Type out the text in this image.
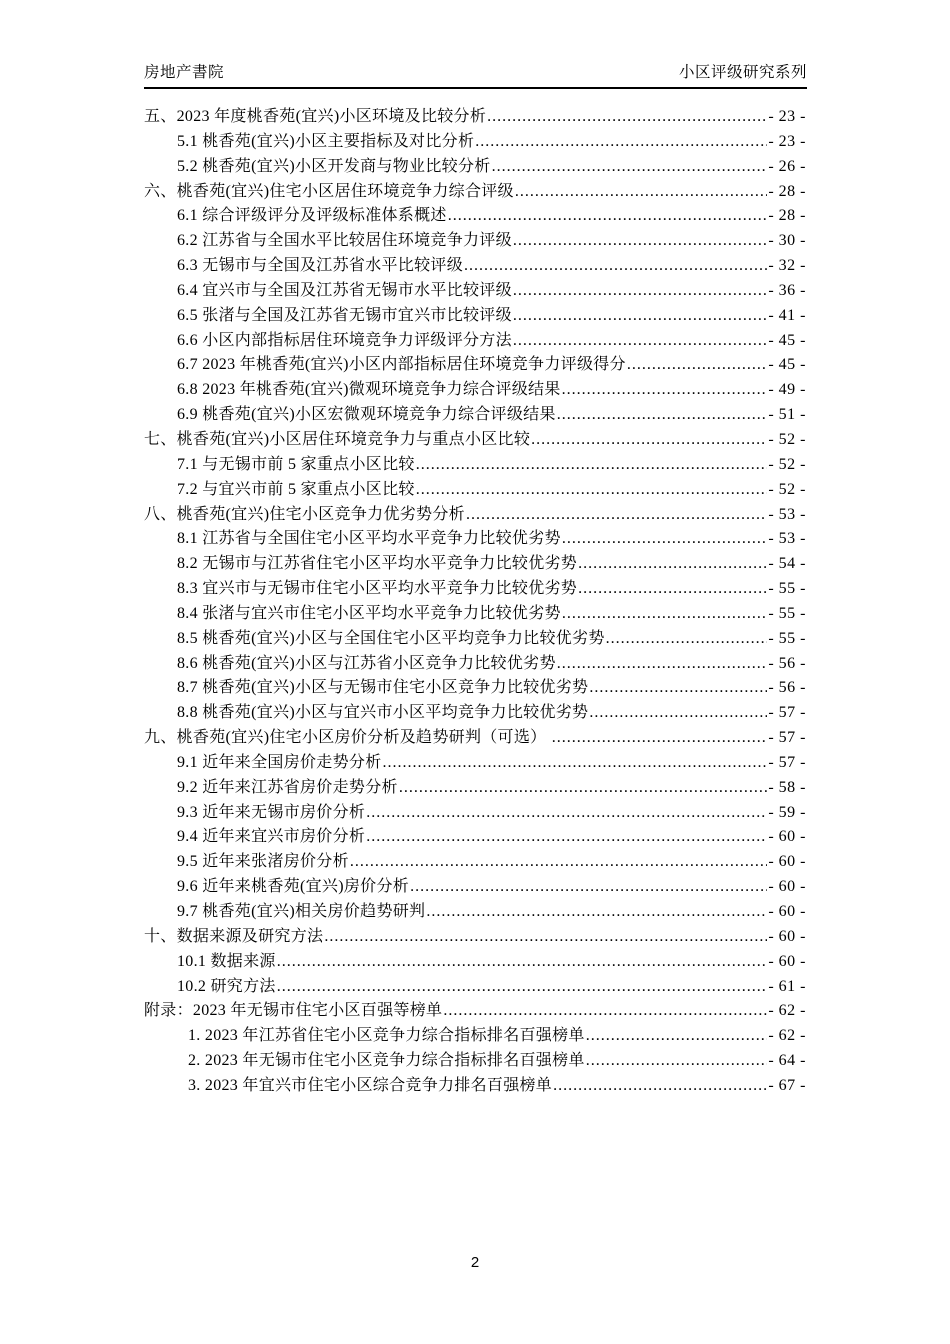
房地产書院	小区评级研究系列
五、2023 年度桃香苑(宜兴)小区环境及比较分析 .....	- 23 -
5.1 桃香苑(宜兴)小区主要指标及对比分析 .....	- 23 -
5.2 桃香苑(宜兴)小区开发商与物业比较分析 .....	- 26 -
六、桃香苑(宜兴)住宅小区居住环境竞争力综合评级 .....	- 28 -
6.1 综合评级评分及评级标准体系概述 .....	- 28 -
6.2 江苏省与全国水平比较居住环境竞争力评级 .....	- 30 -
6.3 无锡市与全国及江苏省水平比较评级 .....	- 32 -
6.4 宜兴市与全国及江苏省无锡市水平比较评级 .....	- 36 -
6.5 张渚与全国及江苏省无锡市宜兴市比较评级 .....	- 41 -
6.6 小区内部指标居住环境竞争力评级评分方法 .....	- 45 -
6.7 2023 年桃香苑(宜兴)小区内部指标居住环境竞争力评级得分 .....	- 45 -
6.8 2023 年桃香苑(宜兴)微观环境竞争力综合评级结果 .....	- 49 -
6.9 桃香苑(宜兴)小区宏微观环境竞争力综合评级结果 .....	- 51 -
七、桃香苑(宜兴)小区居住环境竞争力与重点小区比较 .....	- 52 -
7.1 与无锡市前 5 家重点小区比较 .....	- 52 -
7.2 与宜兴市前 5 家重点小区比较 .....	- 52 -
八、桃香苑(宜兴)住宅小区竞争力优劣势分析 .....	- 53 -
8.1 江苏省与全国住宅小区平均水平竞争力比较优劣势 .....	- 53 -
8.2 无锡市与江苏省住宅小区平均水平竞争力比较优劣势 .....	- 54 -
8.3 宜兴市与无锡市住宅小区平均水平竞争力比较优劣势 .....	- 55 -
8.4 张渚与宜兴市住宅小区平均水平竞争力比较优劣势 .....	- 55 -
8.5 桃香苑(宜兴)小区与全国住宅小区平均竞争力比较优劣势 .....	- 55 -
8.6 桃香苑(宜兴)小区与江苏省小区竞争力比较优劣势 .....	- 56 -
8.7 桃香苑(宜兴)小区与无锡市住宅小区竞争力比较优劣势 .....	- 56 -
8.8 桃香苑(宜兴)小区与宜兴市小区平均竞争力比较优劣势 .....	- 57 -
九、桃香苑(宜兴)住宅小区房价分析及趋势研判（可选） .....	- 57 -
9.1 近年来全国房价走势分析 .....	- 57 -
9.2 近年来江苏省房价走势分析 .....	- 58 -
9.3 近年来无锡市房价分析 .....	- 59 -
9.4 近年来宜兴市房价分析 .....	- 60 -
9.5 近年来张渚房价分析 .....	- 60 -
9.6 近年来桃香苑(宜兴)房价分析 .....	- 60 -
9.7 桃香苑(宜兴)相关房价趋势研判 .....	- 60 -
十、数据来源及研究方法 .....	- 60 -
10.1 数据来源 .....	- 60 -
10.2 研究方法 .....	- 61 -
附录：2023 年无锡市住宅小区百强等榜单 .....	- 62 -
1. 2023 年江苏省住宅小区竞争力综合指标排名百强榜单 .....	- 62 -
2. 2023 年无锡市住宅小区竞争力综合指标排名百强榜单 .....	- 64 -
3. 2023 年宜兴市住宅小区综合竞争力排名百强榜单 .....	- 67 -
2
